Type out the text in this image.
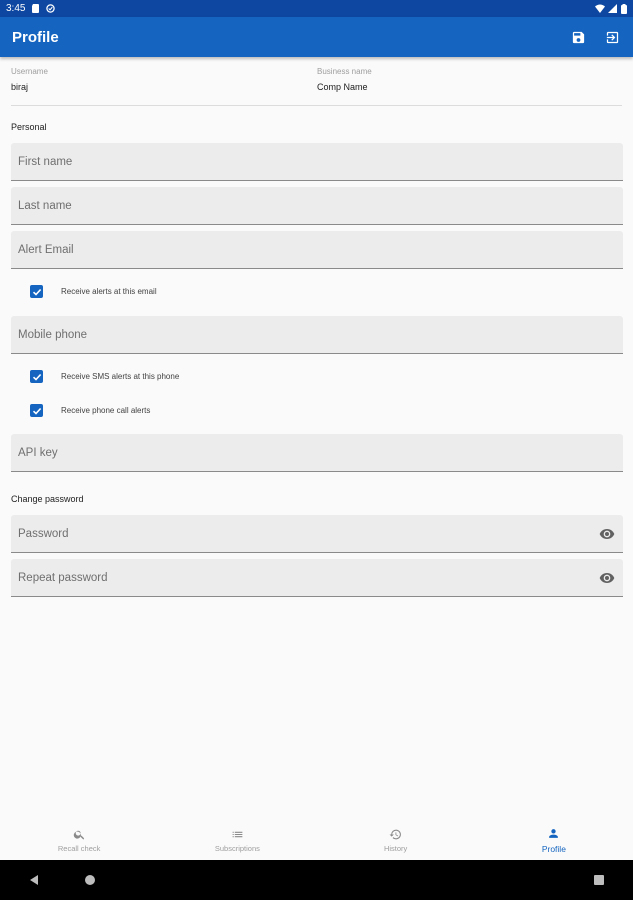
3:45
Profile
Username
biraj
Business name
Comp Name
Personal
First name
Last name
Alert Email
Receive alerts at this email
Mobile phone
Receive SMS alerts at this phone
Receive phone call alerts
API key
Change password
Password
Repeat password
Recall check	Subscriptions	History	Profile
